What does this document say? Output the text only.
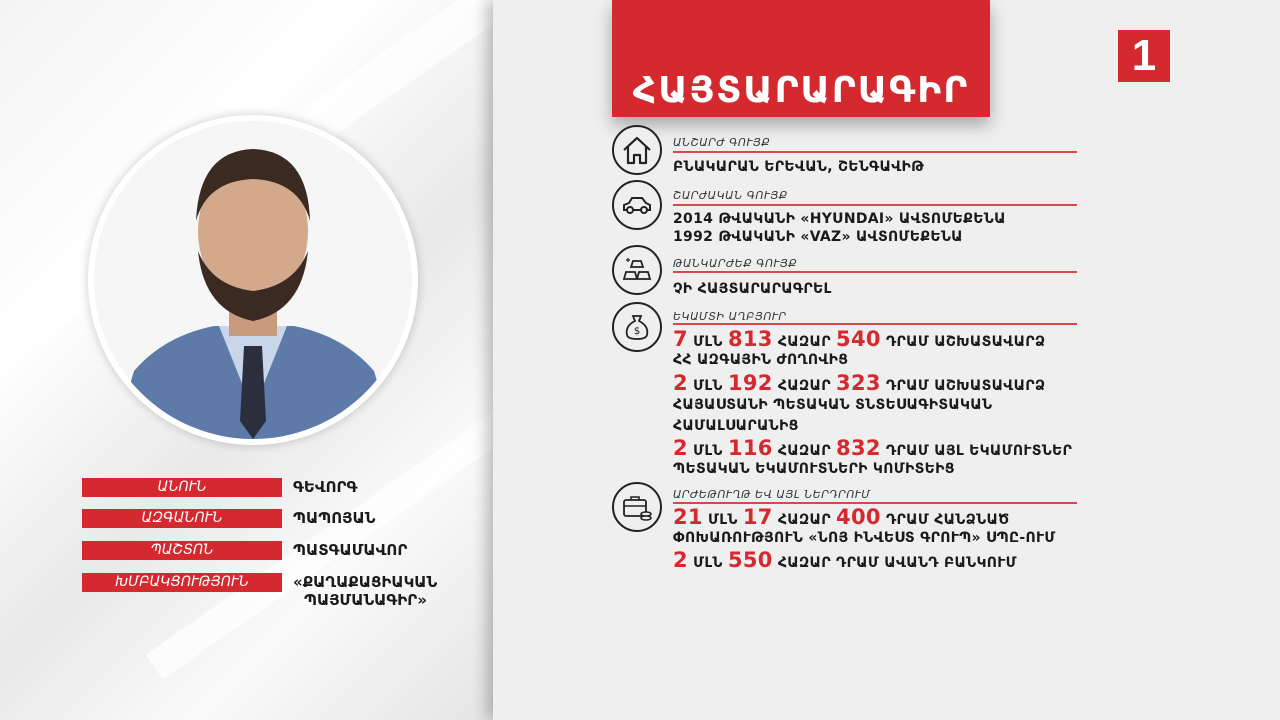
ՀԱՅՏԱՐԱՐԱԳԻՐ
1
ԱՆՈՒՆ	ԳԵՎՈՐԳ
ԱԶԳԱՆՈՒՆ	ՊԱՊՈՅԱՆ
ՊԱՇՏՈՆ	ՊԱՏԳԱՄԱՎՈՐ
ԽՄԲԱԿՑՈՒԹՅՈՒՆ	«ՔԱՂԱՔԱՑԻԱԿԱՆ
ՊԱՅՄԱՆԱԳԻՐ»
ԱՆՇԱՐԺ ԳՈՒՅՔ
ԲՆԱԿԱՐԱՆ ԵՐԵՎԱՆ, ՇԵՆԳԱՎԻԹ
ՇԱՐԺԱԿԱՆ ԳՈՒՅՔ
2014 ԹՎԱԿԱՆԻ «HYUNDAI» ԱՎՏՈՄԵՔԵՆԱ
1992 ԹՎԱԿԱՆԻ «VAZ» ԱՎՏՈՄԵՔԵՆԱ
ԹԱՆԿԱՐԺԵՔ ԳՈՒՅՔ
ՉԻ ՀԱՅՏԱՐԱՐԱԳՐԵԼ
$
ԵԿԱՄՏԻ ԱՂԲՅՈՒՐ
7 ՄԼՆ 813 ՀԱԶԱՐ 540 ԴՐԱՄ ԱՇԽԱՏԱՎԱՐՁ
ՀՀ ԱԶԳԱՅԻՆ ԺՈՂՈՎԻՑ
2 ՄԼՆ 192 ՀԱԶԱՐ 323 ԴՐԱՄ ԱՇԽԱՏԱՎԱՐՁ
ՀԱՅԱՍՏԱՆԻ ՊԵՏԱԿԱՆ ՏՆՏԵՍԱԳԻՏԱԿԱՆ
ՀԱՄԱԼՍԱՐԱՆԻՑ
2 ՄԼՆ 116 ՀԱԶԱՐ 832 ԴՐԱՄ ԱՅԼ ԵԿԱՄՈՒՏՆԵՐ
ՊԵՏԱԿԱՆ ԵԿԱՄՈՒՏՆԵՐԻ ԿՈՄԻՏԵԻՑ
ԱՐԺԵԹՈՒՂԹ ԵՎ ԱՅԼ ՆԵՐԴՐՈՒՄ
21 ՄԼՆ 17 ՀԱԶԱՐ 400 ԴՐԱՄ ՀԱՆՁՆԱԾ
ՓՈԽԱՌՈՒԹՅՈՒՆ «ՆՈՅ ԻՆՎԵՍՏ ԳՐՈՒՊ» ՍՊԸ-ՈՒՄ
2 ՄԼՆ 550 ՀԱԶԱՐ ԴՐԱՄ ԱՎԱՆԴ ԲԱՆԿՈՒՄ
